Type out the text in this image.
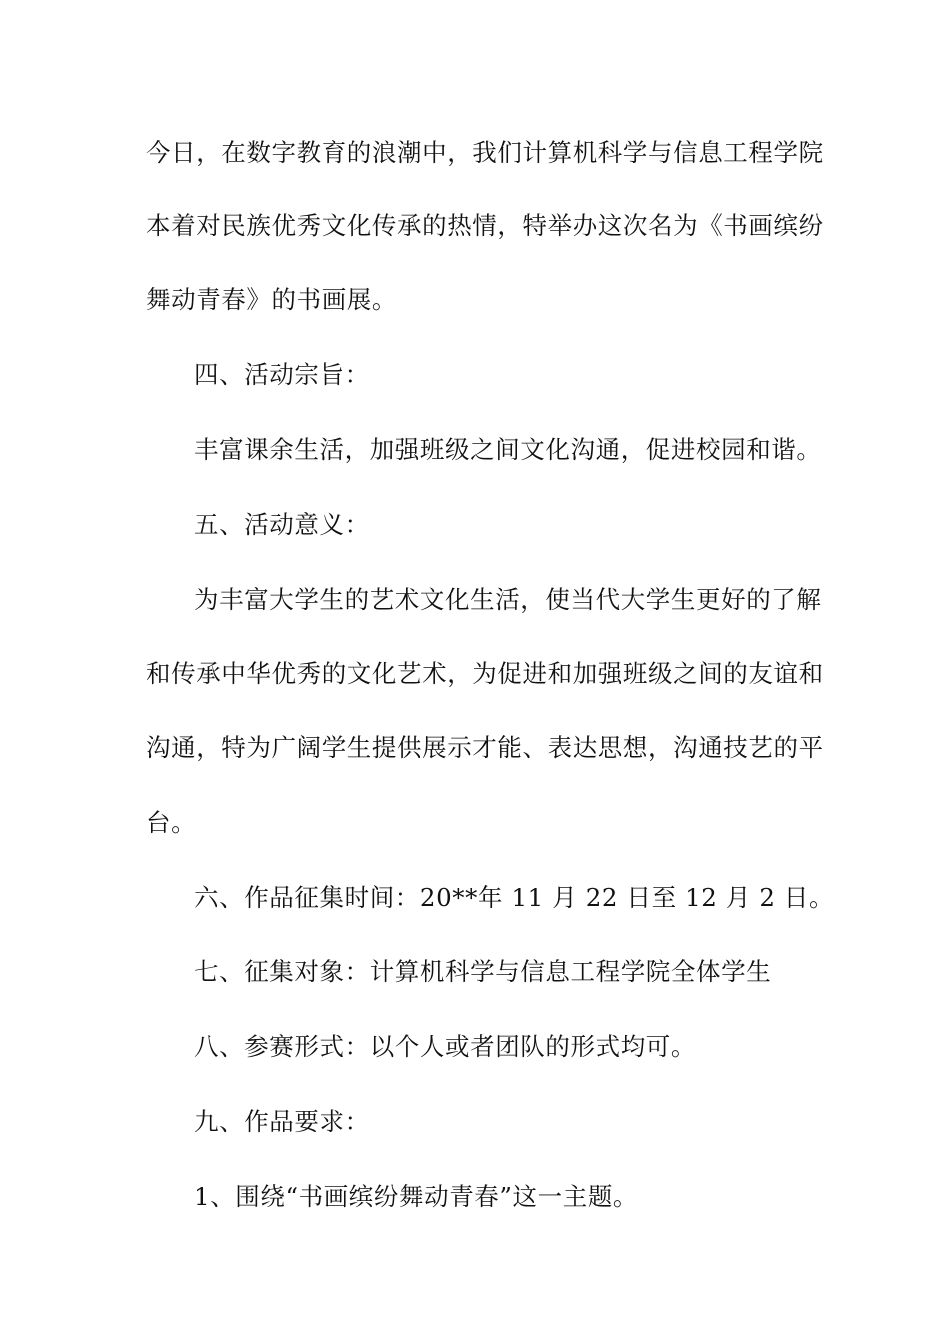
今日，在数字教育的浪潮中，我们计算机科学与信息工程学院
本着对民族优秀文化传承的热情，特举办这次名为《书画缤纷
舞动青春》的书画展。
四、活动宗旨：
丰富课余生活，加强班级之间文化沟通，促进校园和谐。
五、活动意义：
为丰富大学生的艺术文化生活，使当代大学生更好的了解
和传承中华优秀的文化艺术，为促进和加强班级之间的友谊和
沟通，特为广阔学生提供展示才能、表达思想，沟通技艺的平
台。
六、作品征集时间：20**年 11 月 22 日至 12 月 2 日。
七、征集对象：计算机科学与信息工程学院全体学生
八、参赛形式：以个人或者团队的形式均可。
九、作品要求：
1、围绕“书画缤纷舞动青春”这一主题。
